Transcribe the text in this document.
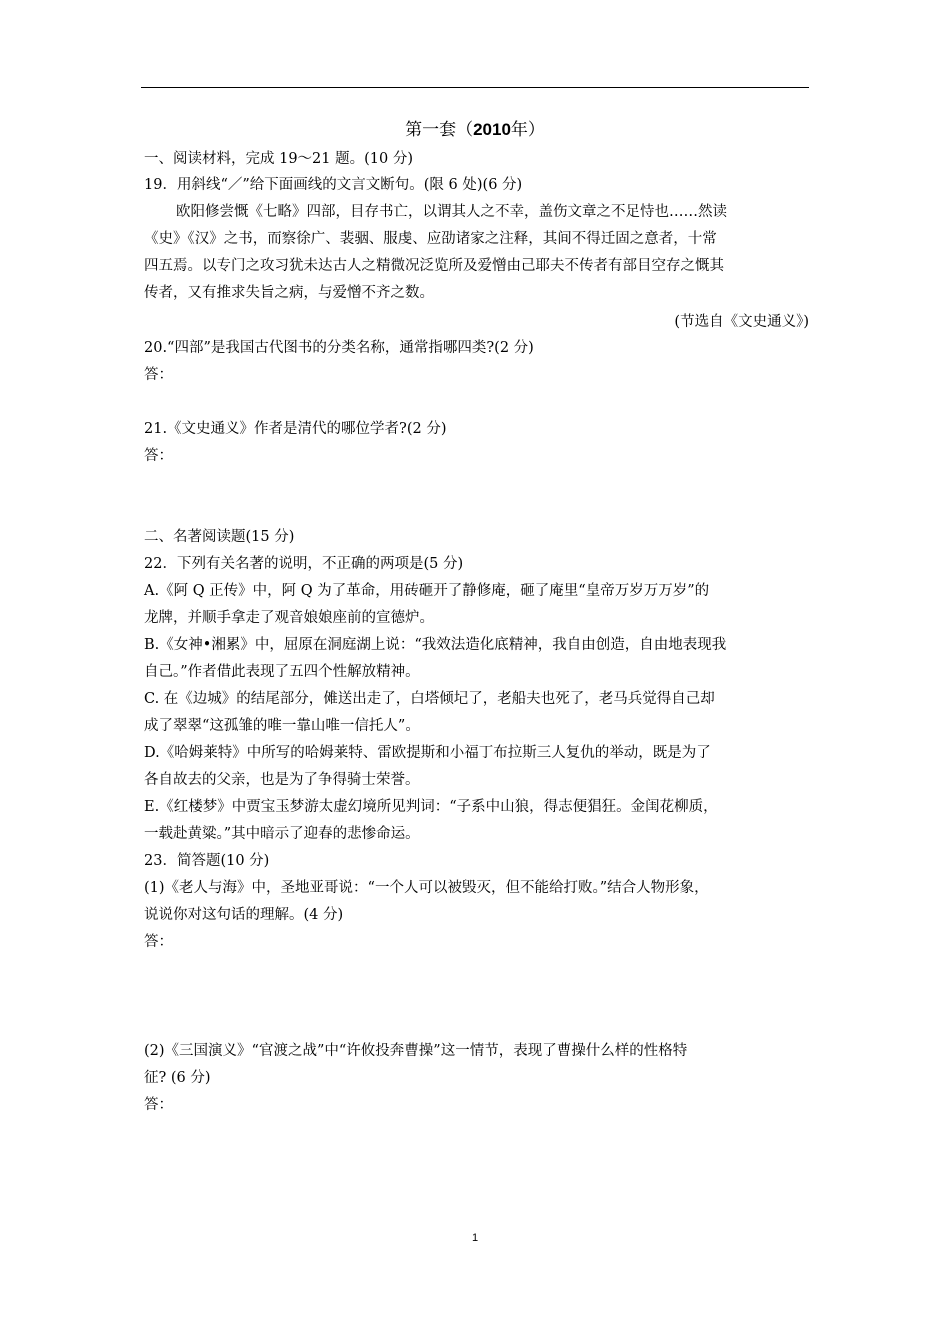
第一套（2010年）
一、阅读材料，完成 19～21 题。(10 分)
19．用斜线“／”给下面画线的文言文断句。(限 6 处)(6 分)
欧阳修尝慨《七略》四部，目存书亡，以谓其人之不幸，盖伤文章之不足恃也……然读
《史》《汉》之书，而察徐广、裴骃、服虔、应劭诸家之注释，其间不得迁固之意者，十常
四五焉。以专门之攻习犹未达古人之精微况泛览所及爱憎由己耶夫不传者有部目空存之慨其
传者，又有推求失旨之病，与爱憎不齐之数。
(节选自《文史通义》)
20.“四部”是我国古代图书的分类名称，通常指哪四类?(2 分)
答：
21.《文史通义》作者是清代的哪位学者?(2 分)
答：
二、名著阅读题(15 分)
22．下列有关名著的说明，不正确的两项是(5 分)
A.《阿 Q 正传》中，阿 Q 为了革命，用砖砸开了静修庵，砸了庵里“皇帝万岁万万岁”的
龙牌，并顺手拿走了观音娘娘座前的宣德炉。
B.《女神•湘累》中，屈原在洞庭湖上说：“我效法造化底精神，我自由创造，自由地表现我
自己。”作者借此表现了五四个性解放精神。
C. 在《边城》的结尾部分，傩送出走了，白塔倾圮了，老船夫也死了，老马兵觉得自己却
成了翠翠“这孤雏的唯一靠山唯一信托人”。
D.《哈姆莱特》中所写的哈姆莱特、雷欧提斯和小福丁布拉斯三人复仇的举动，既是为了
各自故去的父亲，也是为了争得骑士荣誉。
E.《红楼梦》中贾宝玉梦游太虚幻境所见判词：“子系中山狼，得志便猖狂。金闺花柳质，
一载赴黄粱。”其中暗示了迎春的悲惨命运。
23．简答题(10 分)
(1)《老人与海》中，圣地亚哥说：“一个人可以被毁灭，但不能给打败。”结合人物形象，
说说你对这句话的理解。(4 分)
答：
(2)《三国演义》“官渡之战”中“许攸投奔曹操”这一情节，表现了曹操什么样的性格特
征? (6 分)
答：
1
